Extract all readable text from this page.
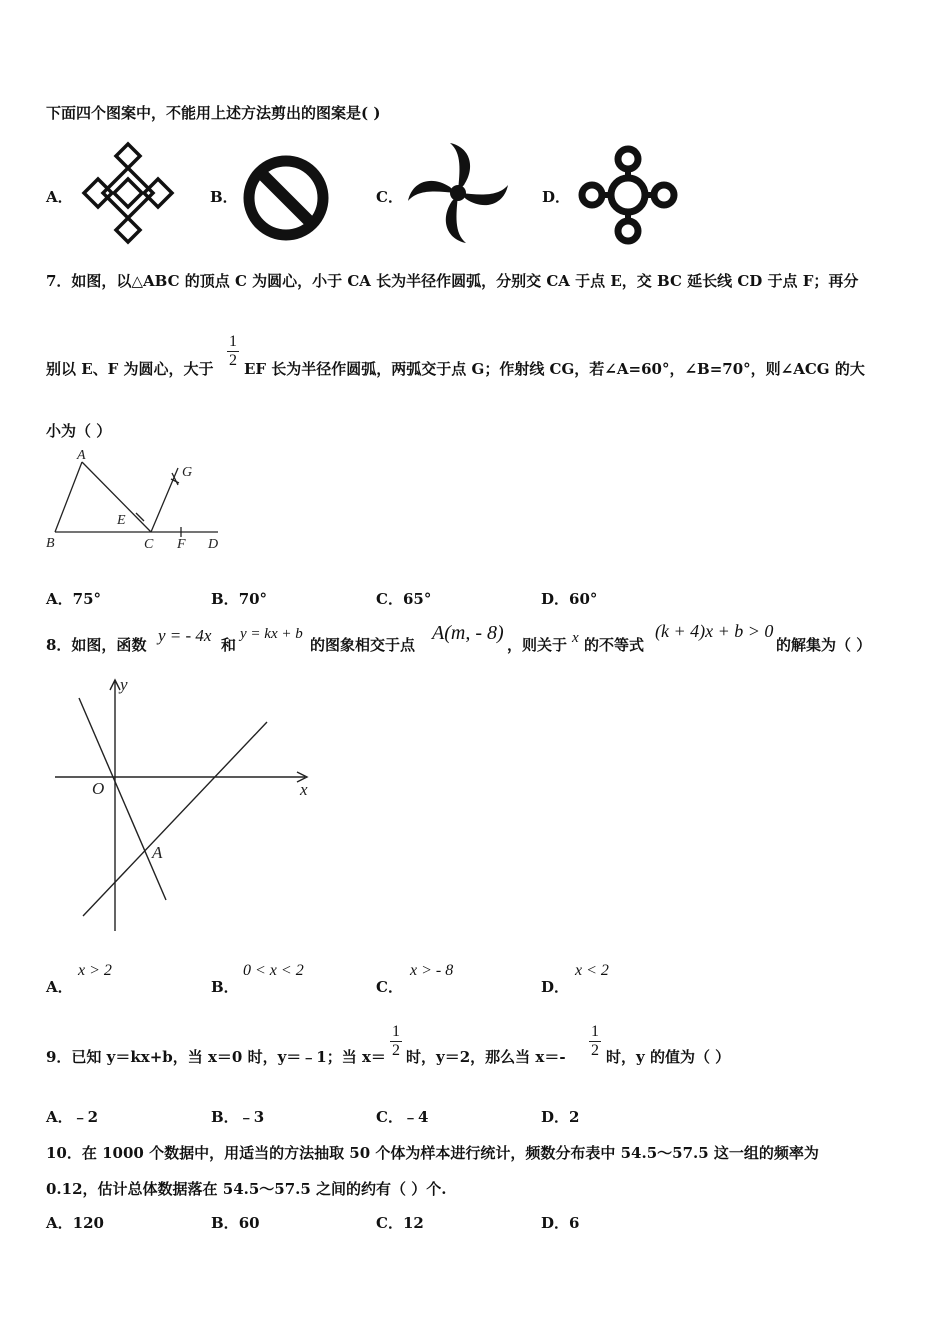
下面四个图案中，不能用上述方法剪出的图案是( )
A．	B．	C．	D．
7．如图，以△ABC 的顶点 C 为圆心，小于 CA 长为半径作圆弧，分别交 CA 于点 E，交 BC 延长线 CD 于点 F；再分
别以 E、F 为圆心，大于
1
2 EF 长为半径作圆弧，两弧交于点 G；作射线 CG，若∠A=60°，∠B=70°，则∠ACG 的大
小为（ ）
A
B	C	D
E
F
G
A．75°	B．70°	C．65°	D．60°
8．如图，函数 y = - 4x 和
y = kx + b
的图象相交于点
A(m, - 8)
，则关于 x 的不等式
(k + 4)x + b > 0
的解集为（ ）
y
x
O
A
A．
x > 2
B．
0 < x < 2
C．
x > - 8
D．
x < 2
9．已知 y＝kx+b，当 x＝0 时，y＝﹣1；当 x＝
1
2 时，y＝2，那么当 x＝-
1
2 时，y 的值为（ ）
A．﹣2	B．﹣3	C．﹣4	D．2
10．在 1000 个数据中，用适当的方法抽取 50 个体为样本进行统计，频数分布表中 54.5～57.5 这一组的频率为
0.12，估计总体数据落在 54.5～57.5 之间的约有（ ）个.
A．120	B．60	C．12	D．6
